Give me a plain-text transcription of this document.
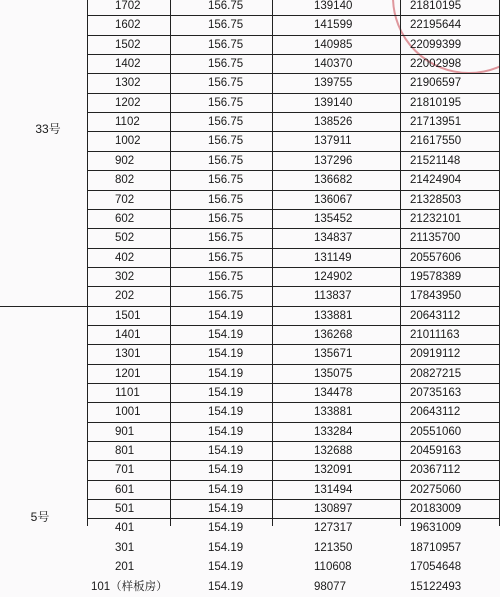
33号
5号
1702	156.75	139140	21810195
1602	156.75	141599	22195644
1502	156.75	140985	22099399
1402	156.75	140370	22002998
1302	156.75	139755	21906597
1202	156.75	139140	21810195
1102	156.75	138526	21713951
1002	156.75	137911	21617550
902	156.75	137296	21521148
802	156.75	136682	21424904
702	156.75	136067	21328503
602	156.75	135452	21232101
502	156.75	134837	21135700
402	156.75	131149	20557606
302	156.75	124902	19578389
202	156.75	113837	17843950
1501	154.19	133881	20643112
1401	154.19	136268	21011163
1301	154.19	135671	20919112
1201	154.19	135075	20827215
1101	154.19	134478	20735163
1001	154.19	133881	20643112
901	154.19	133284	20551060
801	154.19	132688	20459163
701	154.19	132091	20367112
601	154.19	131494	20275060
501	154.19	130897	20183009
401	154.19	127317	19631009
301	154.19	121350	18710957
201	154.19	110608	17054648
101（样板房）	154.19	98077	15122493
